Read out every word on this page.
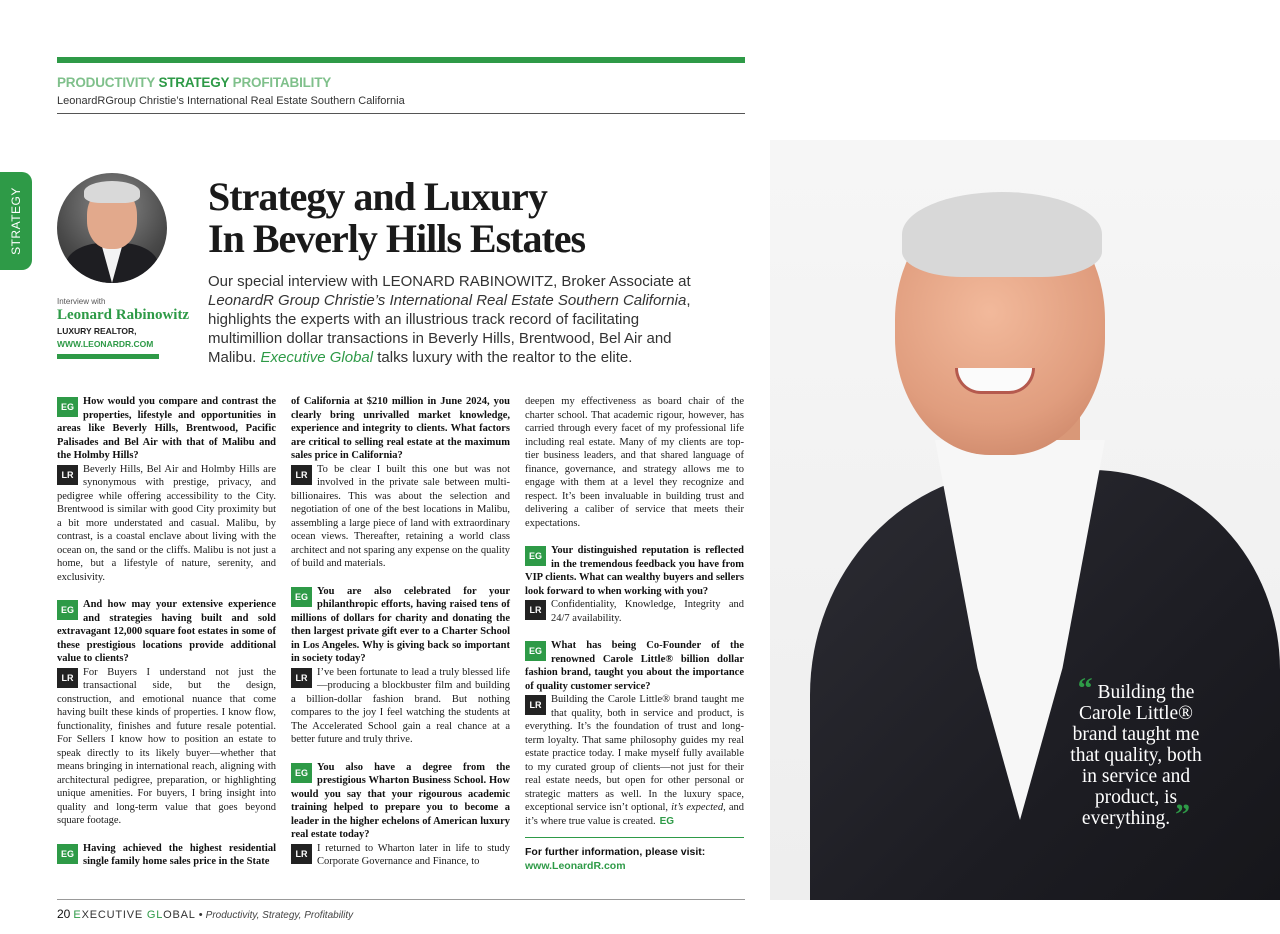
PRODUCTIVITY STRATEGY PROFITABILITY
LeonardRGroup Christie’s International Real Estate Southern California
STRATEGY
Interview with
Leonard Rabinowitz
LUXURY REALTOR,
WWW.LEONARDR.COM
Strategy and Luxury
In Beverly Hills Estates
Our special interview with LEONARD RABINOWITZ, Broker Associate at LeonardR Group Christie’s International Real Estate Southern California, highlights the experts with an illustrious track record of facilitating multimillion dollar transactions in Beverly Hills, Brentwood, Bel Air and Malibu. Executive Global talks luxury with the realtor to the elite.
EG How would you compare and contrast the properties, lifestyle and opportunities in areas like Beverly Hills, Brentwood, Pacific Palisades and Bel Air with that of Malibu and the Holmby Hills?
LR Beverly Hills, Bel Air and Holmby Hills are synonymous with prestige, privacy, and pedigree while offering accessibility to the City. Brentwood is similar with good City proximity but a bit more understated and casual. Malibu, by contrast, is a coastal enclave about living with the ocean on, the sand or the cliffs. Malibu is not just a home, but a lifestyle of nature, serenity, and exclusivity.
EG And how may your extensive experience and strategies having built and sold extravagant 12,000 square foot estates in some of these prestigious locations provide additional value to clients?
LR For Buyers I understand not just the transactional side, but the design, construction, and emotional nuance that come having built these kinds of properties. I know flow, functionality, finishes and future resale potential. For Sellers I know how to position an estate to speak directly to its likely buyer—whether that means bringing in international reach, aligning with architectural pedigree, preparation, or highlighting unique amenities. For buyers, I bring insight into quality and long-term value that goes beyond square footage.
EG Having achieved the highest residential single family home sales price in the State
of California at $210 million in June 2024, you clearly bring unrivalled market knowledge, experience and integrity to clients. What factors are critical to selling real estate at the maximum sales price in California?
LR To be clear I built this one but was not involved in the private sale between multi-billionaires. This was about the selection and negotiation of one of the best locations in Malibu, assembling a large piece of land with extraordinary ocean views. Thereafter, retaining a world class architect and not sparing any expense on the quality of build and materials.
EG You are also celebrated for your philanthropic efforts, having raised tens of millions of dollars for charity and donating the then largest private gift ever to a Charter School in Los Angeles. Why is giving back so important in society today?
LR I’ve been fortunate to lead a truly blessed life—producing a blockbuster film and building a billion-dollar fashion brand. But nothing compares to the joy I feel watching the students at The Accelerated School gain a real chance at a better future and truly thrive.
EG You also have a degree from the prestigious Wharton Business School. How would you say that your rigourous academic training helped to prepare you to become a leader in the higher echelons of American luxury real estate today?
LR I returned to Wharton later in life to study Corporate Governance and Finance, to
deepen my effectiveness as board chair of the charter school. That academic rigour, however, has carried through every facet of my professional life including real estate. Many of my clients are top-tier business leaders, and that shared language of finance, governance, and strategy allows me to engage with them at a level they recognize and respect. It’s been invaluable in building trust and delivering a caliber of service that meets their expectations.
EG Your distinguished reputation is reflected in the tremendous feedback you have from VIP clients. What can wealthy buyers and sellers look forward to when working with you?
LR Confidentiality, Knowledge, Integrity and 24/7 availability.
EG What has being Co-Founder of the renowned Carole Little® billion dollar fashion brand, taught you about the importance of quality customer service?
LR Building the Carole Little® brand taught me that quality, both in service and product, is everything. It’s the foundation of trust and long-term loyalty. That same philosophy guides my real estate practice today. I make myself fully available to my curated group of clients—not just for their real estate needs, but open for other personal or strategic matters as well. In the luxury space, exceptional service isn’t optional, it’s expected, and it’s where true value is created. EG
For further information, please visit:
www.LeonardR.com
“ Building the Carole Little® brand taught me that quality, both in service and product, is everything. ”
20 EXECUTIVE GLOBAL • Productivity, Strategy, Profitability
